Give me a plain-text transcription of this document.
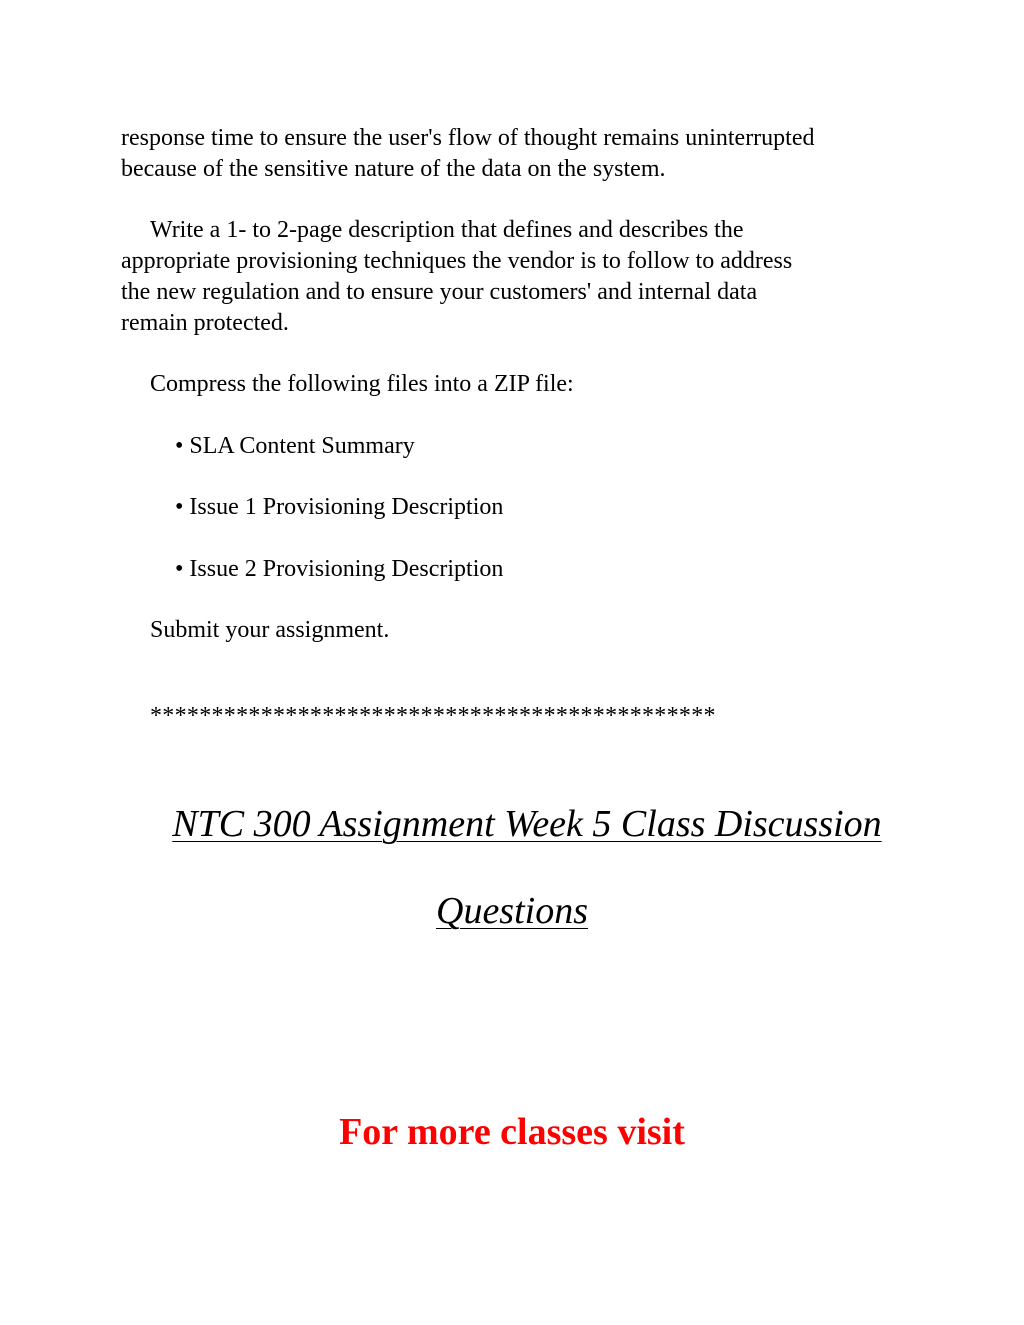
response time to ensure the user's flow of thought remains uninterrupted
because of the sensitive nature of the data on the system.
Write a 1- to 2-page description that defines and describes the
appropriate provisioning techniques the vendor is to follow to address
the new regulation and to ensure your customers' and internal data
remain protected.
Compress the following files into a ZIP file:
• SLA Content Summary
• Issue 1 Provisioning Description
• Issue 2 Provisioning Description
Submit your assignment.
**********************************************
NTC 300 Assignment Week 5 Class Discussion
Questions
For more classes visit
